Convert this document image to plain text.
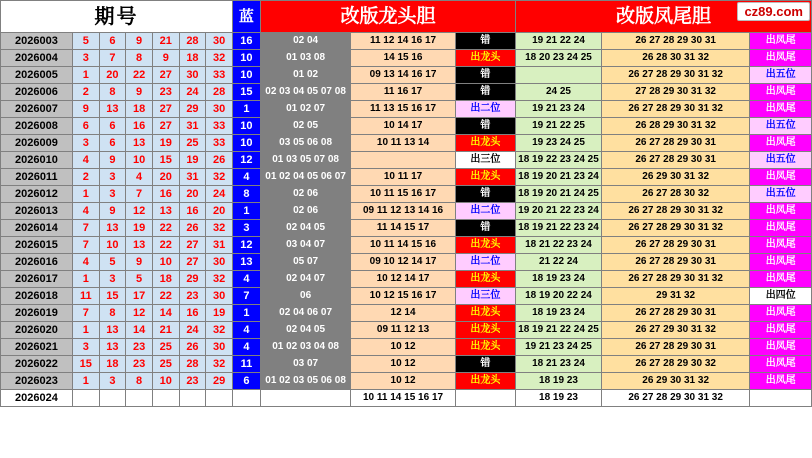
cz89.com
期号							蓝	改版龙头胆			改版凤尾胆		
2026003	5	6	9	21	28	30	16	02 04	11 12 14 16 17	错	19 21 22 24	26 27 28 29 30 31	出凤尾
2026004	3	7	8	9	18	32	10	01 03 08	14 15 16	出龙头	18 20 23 24 25	26 28 30 31 32	出凤尾
2026005	1	20	22	27	30	33	10	01 02	09 13 14 16 17	错		26 27 28 29 30 31 32	出五位
2026006	2	8	9	23	24	28	15	02 03 04 05 07 08	11 16 17	错	24 25	27 28 29 30 31 32	出凤尾
2026007	9	13	18	27	29	30	1	01 02 07	11 13 15 16 17	出二位	19 21 23 24	26 27 28 29 30 31 32	出凤尾
2026008	6	6	16	27	31	33	10	02 05	10 14 17	错	19 21 22 25	26 28 29 30 31 32	出五位
2026009	3	6	13	19	25	33	10	03 05 06 08	10 11 13 14	出龙头	19 23 24 25	26 27 28 29 30 31	出凤尾
2026010	4	9	10	15	19	26	12	01 03 05 07 08		出三位	18 19 22 23 24 25	26 27 28 29 30 31	出五位
2026011	2	3	4	20	31	32	4	01 02 04 05 06 07	10 11 17	出龙头	18 19 20 21 23 24	26 29 30 31 32	出凤尾
2026012	1	3	7	16	20	24	8	02 06	10 11 15 16 17	错	18 19 20 21 24 25	26 27 28 30 32	出五位
2026013	4	9	12	13	16	20	1	02 06	09 11 12 13 14 16	出二位	19 20 21 22 23 24	26 27 28 29 30 31 32	出凤尾
2026014	7	13	19	22	26	32	3	02 04 05	11 14 15 17	错	18 19 21 22 23 24	26 27 28 29 30 31 32	出凤尾
2026015	7	10	13	22	27	31	12	03 04 07	10 11 14 15 16	出龙头	18 21 22 23 24	26 27 28 29 30 31	出凤尾
2026016	4	5	9	10	27	30	13	05 07	09 10 12 14 17	出二位	21 22 24	26 27 28 29 30 31	出凤尾
2026017	1	3	5	18	29	32	4	02 04 07	10 12 14 17	出龙头	18 19 23 24	26 27 28 29 30 31 32	出凤尾
2026018	11	15	17	22	23	30	7	06	10 12 15 16 17	出三位	18 19 20 22 24	29 31 32	出四位
2026019	7	8	12	14	16	19	1	02 04 06 07	12 14	出龙头	18 19 23 24	26 27 28 29 30 31	出凤尾
2026020	1	13	14	21	24	32	4	02 04 05	09 11 12 13	出龙头	18 19 21 22 24 25	26 27 29 30 31 32	出凤尾
2026021	3	13	23	25	26	30	4	01 02 03 04 08	10 12	出龙头	19 21 23 24 25	26 27 28 29 30 31	出凤尾
2026022	15	18	23	25	28	32	11	03 07	10 12	错	18 21 23 24	26 27 28 29 30 32	出凤尾
2026023	1	3	8	10	23	29	6	01 02 03 05 06 08	10 12	出龙头	18 19 23	26 29 30 31 32	出凤尾
2026024								02 06 07	10 11 14 15 16 17		18 19 23	26 27 28 29 30 31 32	
